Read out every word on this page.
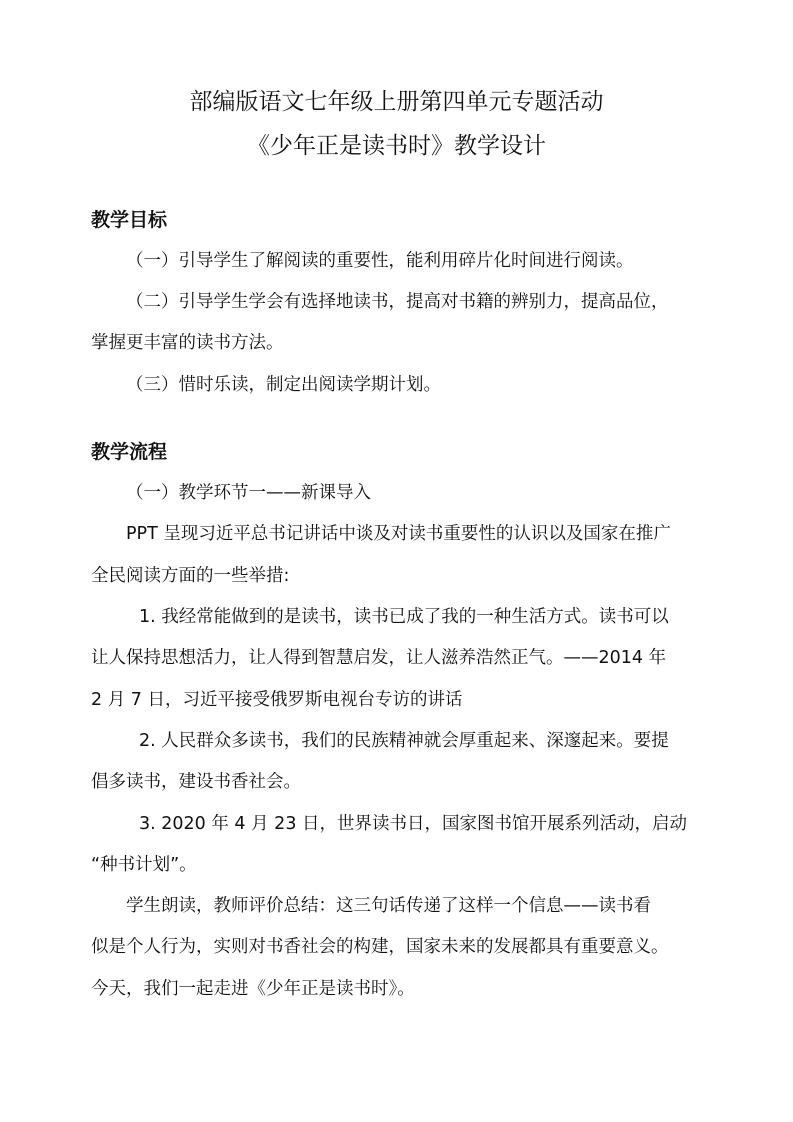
部编版语文七年级上册第四单元专题活动
《少年正是读书时》教学设计
教学目标
（一）引导学生了解阅读的重要性，能利用碎片化时间进行阅读。
（二）引导学生学会有选择地读书，提高对书籍的辨别力，提高品位，
掌握更丰富的读书方法。
（三）惜时乐读，制定出阅读学期计划。
教学流程
（一）教学环节一——新课导入
PPT 呈现习近平总书记讲话中谈及对读书重要性的认识以及国家在推广
全民阅读方面的一些举措:
1. 我经常能做到的是读书，读书已成了我的一种生活方式。读书可以
让人保持思想活力，让人得到智慧启发，让人滋养浩然正气。——2014 年
2 月 7 日，习近平接受俄罗斯电视台专访的讲话
2. 人民群众多读书，我们的民族精神就会厚重起来、深邃起来。要提
倡多读书，建设书香社会。
3. 2020 年 4 月 23 日，世界读书日，国家图书馆开展系列活动，启动
“种书计划”。
学生朗读，教师评价总结：这三句话传递了这样一个信息——读书看
似是个人行为，实则对书香社会的构建，国家未来的发展都具有重要意义。
今天，我们一起走进《少年正是读书时》。
